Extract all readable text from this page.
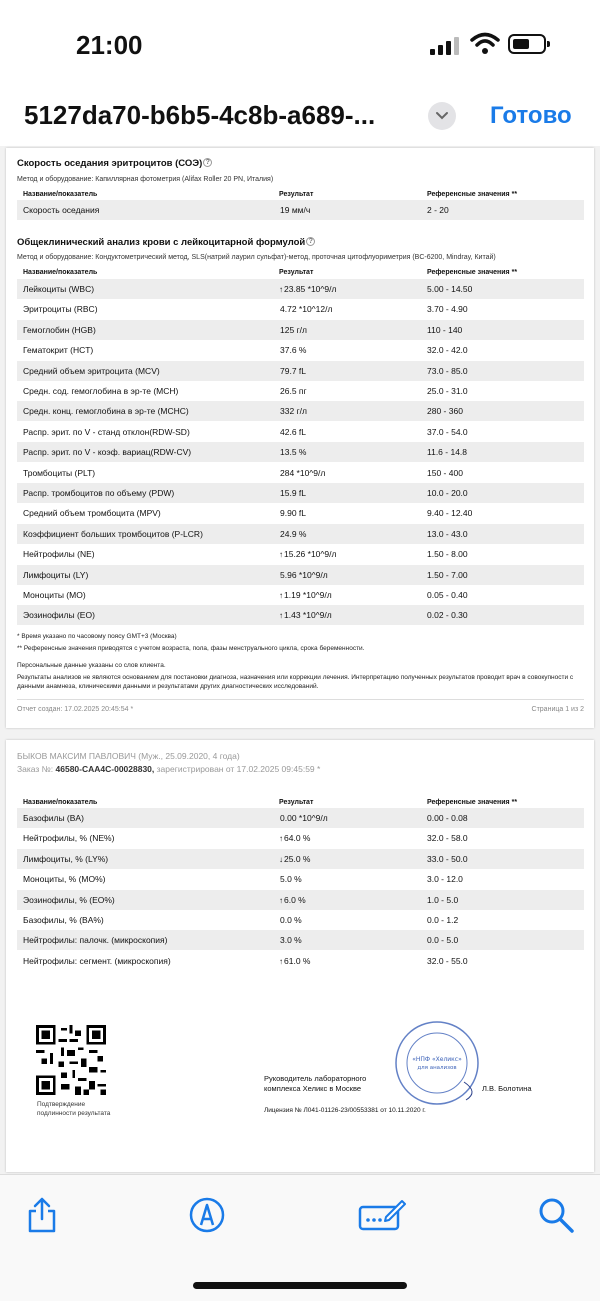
21:00
5127da70-b6b5-4c8b-a689-...	Готово
Скорость оседания эритроцитов (СОЭ) ?
Метод и оборудование: Капиллярная фотометрия (Alifax Roller 20 PN, Италия)
Название/показатель	Результат	Референсные значения **
Скорость оседания	19 мм/ч	2 - 20
Общеклинический анализ крови с лейкоцитарной формулой ?
Метод и оборудование: Кондуктометрический метод, SLS(натрий лаурил сульфат)-метод, проточная цитофлуориметрия (BC-6200, Mindray, Китай)
Название/показатель	Результат	Референсные значения **
Лейкоциты (WBC)	↑23.85 *10^9/л	5.00 - 14.50
Эритроциты (RBC)	4.72 *10^12/л	3.70 - 4.90
Гемоглобин (HGB)	125 г/л	110 - 140
Гематокрит (HCT)	37.6 %	32.0 - 42.0
Средний объем эритроцита (MCV)	79.7 fL	73.0 - 85.0
Средн. сод. гемоглобина в эр-те (MCH)	26.5 пг	25.0 - 31.0
Средн. конц. гемоглобина в эр-те (MCHC)	332 г/л	280 - 360
Распр. эрит. по V - станд отклон(RDW-SD)	42.6 fL	37.0 - 54.0
Распр. эрит. по V - коэф. вариац(RDW-CV)	13.5 %	11.6 - 14.8
Тромбоциты (PLT)	284 *10^9/л	150 - 400
Распр. тромбоцитов по объему (PDW)	15.9 fL	10.0 - 20.0
Средний объем тромбоцита (MPV)	9.90 fL	9.40 - 12.40
Коэффициент больших тромбоцитов (P-LCR)	24.9 %	13.0 - 43.0
Нейтрофилы (NE)	↑15.26 *10^9/л	1.50 - 8.00
Лимфоциты (LY)	5.96 *10^9/л	1.50 - 7.00
Моноциты (MO)	↑1.19 *10^9/л	0.05 - 0.40
Эозинофилы (EO)	↑1.43 *10^9/л	0.02 - 0.30
* Время указано по часовому поясу GMT+3 (Москва)
** Референсные значения приводятся с учетом возраста, пола, фазы менструального цикла, срока беременности.
Персональные данные указаны со слов клиента.
Результаты анализов не являются основанием для постановки диагноза, назначения или коррекции лечения. Интерпретацию полученных результатов проводит врач в совокупности с данными анамнеза, клиническими данными и результатами других диагностических исследований.
Отчет создан: 17.02.2025 20:45:54 *	Страница 1 из 2
БЫКОВ МАКСИМ ПАВЛОВИЧ (Муж., 25.09.2020, 4 года)
Заказ №: 46580-CAA4C-00028830, зарегистрирован от 17.02.2025 09:45:59 *
Название/показатель	Результат	Референсные значения **
Базофилы (BA)	0.00 *10^9/л	0.00 - 0.08
Нейтрофилы, % (NE%)	↑64.0 %	32.0 - 58.0
Лимфоциты, % (LY%)	↓25.0 %	33.0 - 50.0
Моноциты, % (MO%)	5.0 %	3.0 - 12.0
Эозинофилы, % (EO%)	↑6.0 %	1.0 - 5.0
Базофилы, % (BA%)	0.0 %	0.0 - 1.2
Нейтрофилы: палочк. (микроскопия)	3.0 %	0.0 - 5.0
Нейтрофилы: сегмент. (микроскопия)	↑61.0 %	32.0 - 55.0
Подтверждение
подлинности результата
«НПФ «Хеликс»
для анализов
Руководитель лабораторного
комплекса Хеликс в Москве	Л.В. Болотина
Лицензия № Л041-01126-23/00553381 от 10.11.2020 г.
